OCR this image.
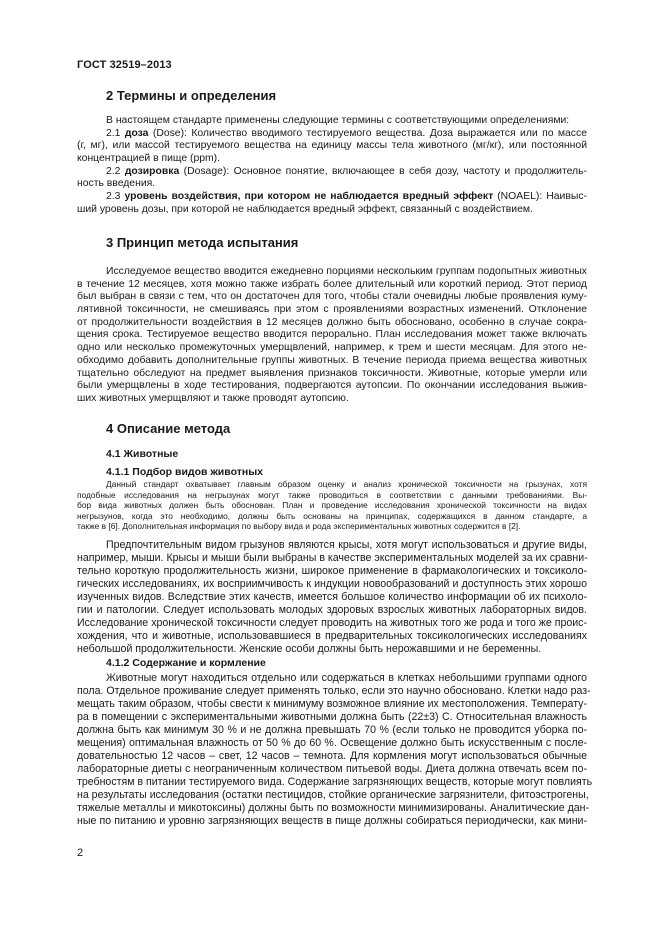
ГОСТ 32519–2013
2 Термины и определения
В настоящем стандарте применены следующие термины с соответствующими определениями:
2.1 доза (Dose): Количество вводимого тестируемого вещества. Доза выражается или по массе
(г, мг), или массой тестируемого вещества на единицу массы тела животного (мг/кг), или постоянной
концентрацией в пище (ppm).
2.2 дозировка (Dosage): Основное понятие, включающее в себя дозу, частоту и продолжитель-
ность введения.
2.3 уровень воздействия, при котором не наблюдается вредный эффект (NOAEL): Наивыс-
ший уровень дозы, при которой не наблюдается вредный эффект, связанный с воздействием.
3 Принцип метода испытания
Исследуемое вещество вводится ежедневно порциями нескольким группам подопытных животных
в течение 12 месяцев, хотя можно также избрать более длительный или короткий период. Этот период
был выбран в связи с тем, что он достаточен для того, чтобы стали очевидны любые проявления куму-
лятивной токсичности, не смешиваясь при этом с проявлениями возрастных изменений. Отклонение
от продолжительности воздействия в 12 месяцев должно быть обосновано, особенно в случае сокра-
щения срока. Тестируемое вещество вводится перорально. План исследования может также включать
одно или несколько промежуточных умерщвлений, например, к трем и шести месяцам. Для этого не-
обходимо добавить дополнительные группы животных. В течение периода приема вещества животных
тщательно обследуют на предмет выявления признаков токсичности. Животные, которые умерли или
были умерщвлены в ходе тестирования, подвергаются аутопсии. По окончании исследования выжив-
ших животных умерщвляют и также проводят аутопсию.
4 Описание метода
4.1 Животные
4.1.1 Подбор видов животных
Данный стандарт охватывает главным образом оценку и анализ хронической токсичности на грызунах, хотя
подобные исследования на негрызунах могут также проводиться в соответствии с данными требованиями. Вы-
бор вида животных должен быть обоснован. План и проведение исследования хронической токсичности на видах
негрызунов, когда это необходимо, должны быть основаны на принципах, содержащихся в данном стандарте, а
также в [6]. Дополнительная информация по выбору вида и рода экспериментальных животных содержится в [2].
Предпочтительным видом грызунов являются крысы, хотя могут использоваться и другие виды,
например, мыши. Крысы и мыши были выбраны в качестве экспериментальных моделей за их сравни-
тельно короткую продолжительность жизни, широкое применение в фармакологических и токсиколо-
гических исследованиях, их восприимчивость к индукции новообразований и доступность этих хорошо
изученных видов. Вследствие этих качеств, имеется большое количество информации об их психоло-
гии и патологии. Следует использовать молодых здоровых взрослых животных лабораторных видов.
Исследование хронической токсичности следует проводить на животных того же рода и того же проис-
хождения, что и животные, использовавшиеся в предварительных токсикологических исследованиях
небольшой продолжительности. Женские особи должны быть нерожавшими и не беременны.
4.1.2 Содержание и кормление
Животные могут находиться отдельно или содержаться в клетках небольшими группами одного
пола. Отдельное проживание следует применять только, если это научно обосновано. Клетки надо раз-
мещать таким образом, чтобы свести к минимуму возможное влияние их местоположения. Температу-
ра в помещении с экспериментальными животными должна быть (22±3) С. Относительная влажность
должна быть как минимум 30 % и не должна превышать 70 % (если только не проводится уборка по-
мещения) оптимальная влажность от 50 % до 60 %. Освещение должно быть искусственным с после-
довательностью 12 часов – свет, 12 часов – темнота. Для кормления могут использоваться обычные
лабораторные диеты с неограниченным количеством питьевой воды. Диета должна отвечать всем по-
требностям в питании тестируемого вида. Содержание загрязняющих веществ, которые могут повлиять
на результаты исследования (остатки пестицидов, стойкие органические загрязнители, фитоэстрогены,
тяжелые металлы и микотоксины) должны быть по возможности минимизированы. Аналитические дан-
ные по питанию и уровню загрязняющих веществ в пище должны собираться периодически, как мини-
2
